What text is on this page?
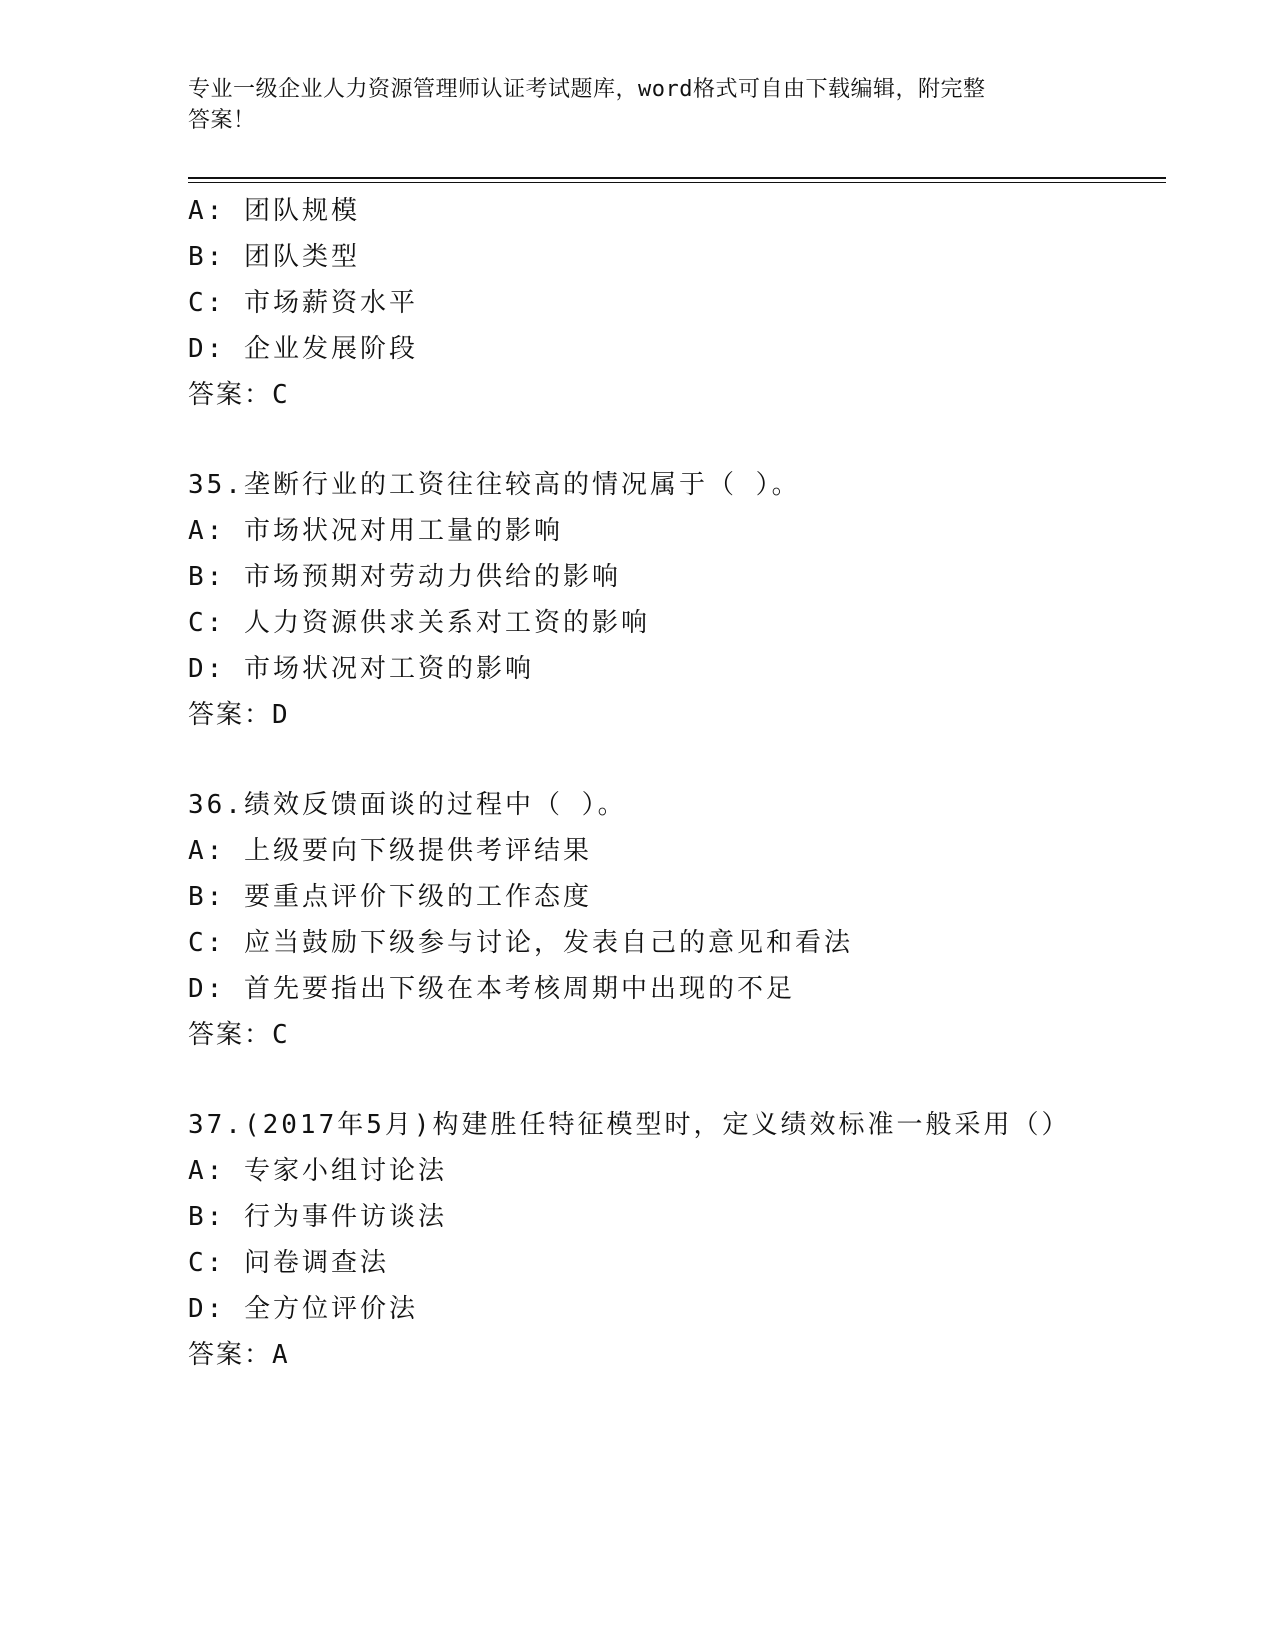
专业一级企业人力资源管理师认证考试题库，word格式可自由下载编辑，附完整
答案！
A: 团队规模
B: 团队类型
C: 市场薪资水平
D: 企业发展阶段
答案：C
35.垄断行业的工资往往较高的情况属于（ ）。
A: 市场状况对用工量的影响
B: 市场预期对劳动力供给的影响
C: 人力资源供求关系对工资的影响
D: 市场状况对工资的影响
答案：D
36.绩效反馈面谈的过程中（ ）。
A: 上级要向下级提供考评结果
B: 要重点评价下级的工作态度
C: 应当鼓励下级参与讨论，发表自己的意见和看法
D: 首先要指出下级在本考核周期中出现的不足
答案：C
37.(2017年5月)构建胜任特征模型时，定义绩效标准一般采用（）
A: 专家小组讨论法
B: 行为事件访谈法
C: 问卷调查法
D: 全方位评价法
答案：A
